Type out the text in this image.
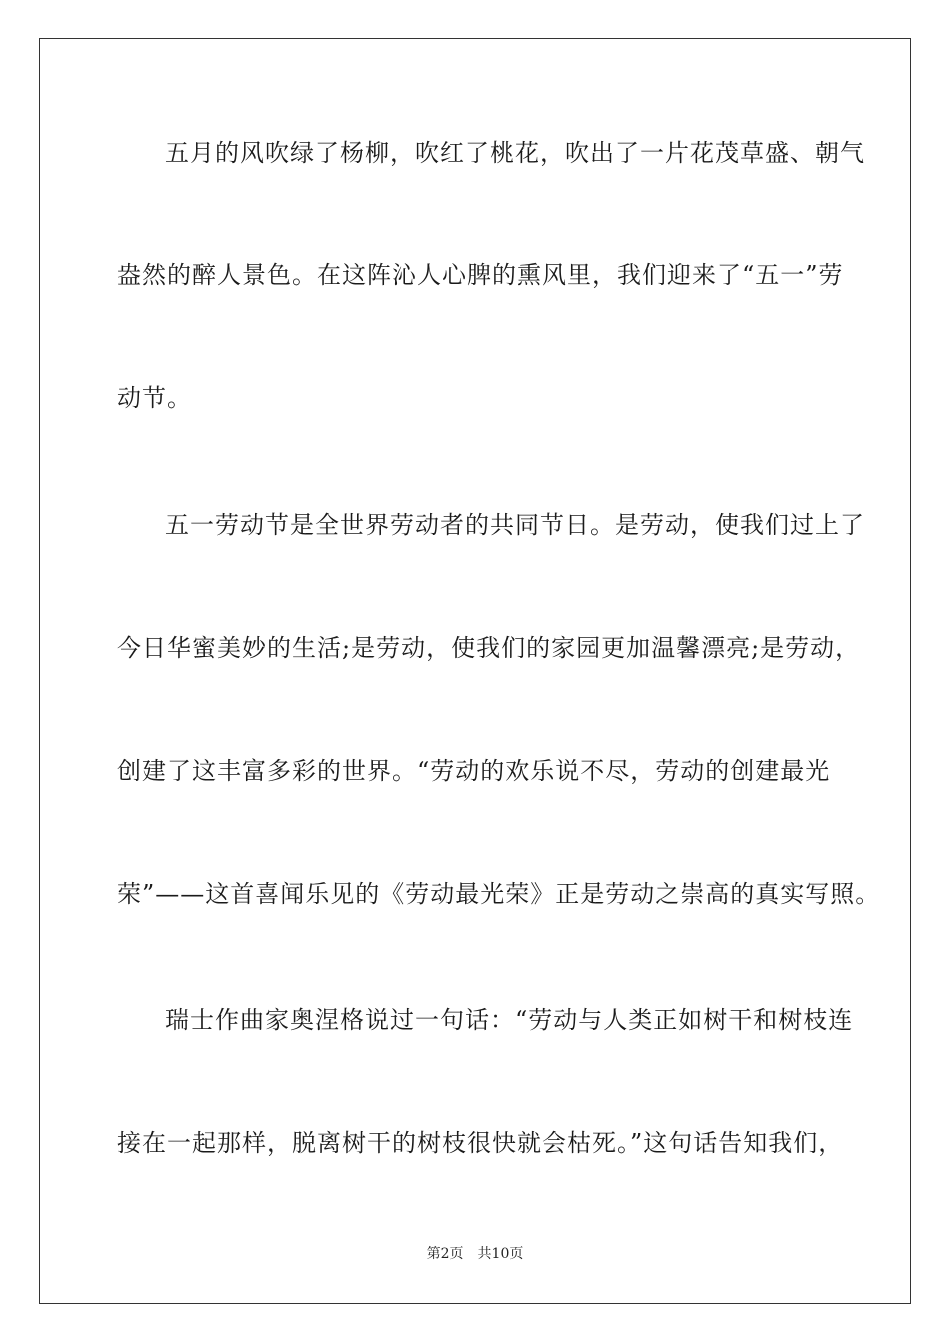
五月的风吹绿了杨柳，吹红了桃花，吹出了一片花茂草盛、朝气
盎然的醉人景色。在这阵沁人心脾的熏风里，我们迎来了“五一”劳
动节。
五一劳动节是全世界劳动者的共同节日。是劳动，使我们过上了
今日华蜜美妙的生活;是劳动，使我们的家园更加温馨漂亮;是劳动，
创建了这丰富多彩的世界。“劳动的欢乐说不尽，劳动的创建最光
荣”——这首喜闻乐见的《劳动最光荣》正是劳动之崇高的真实写照。
瑞士作曲家奥涅格说过一句话：“劳动与人类正如树干和树枝连
接在一起那样，脱离树干的树枝很快就会枯死。”这句话告知我们，
第2页 共10页
